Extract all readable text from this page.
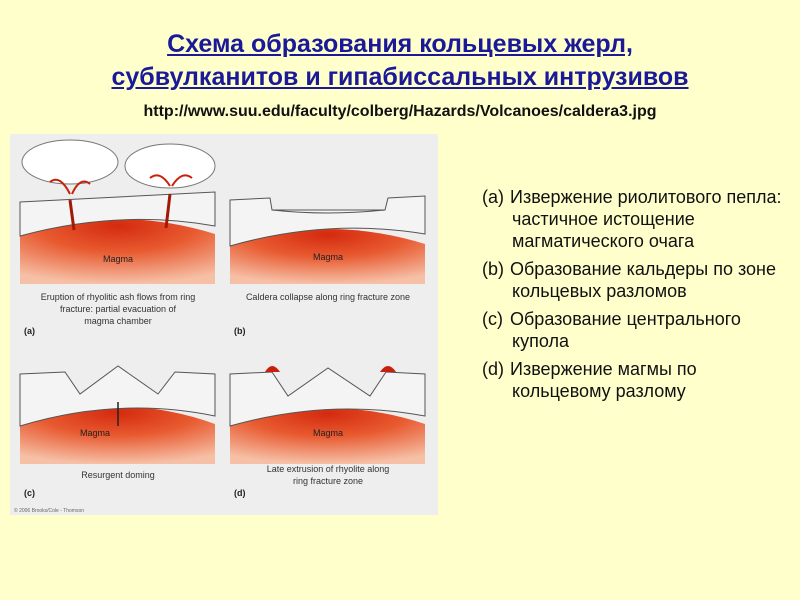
Схема образования кольцевых жерл,
субвулканитов и гипабиссальных интрузивов
http://www.suu.edu/faculty/colberg/Hazards/Volcanoes/caldera3.jpg
Magma
Eruption of rhyolitic ash flows from ring
fracture: partial evacuation of
magma chamber
(a)
Magma
Caldera collapse along ring fracture zone
(b)
Magma
Resurgent doming
(c)
Magma
Late extrusion of rhyolite along
ring fracture zone
(d)
© 2006 Brooks/Cole - Thomson
(a) Извержение риолитового пепла: частичное истощение магматического очага
(b) Образование кальдеры по зоне кольцевых разломов
(c) Образование центрального купола
(d) Извержение магмы по кольцевому разлому
